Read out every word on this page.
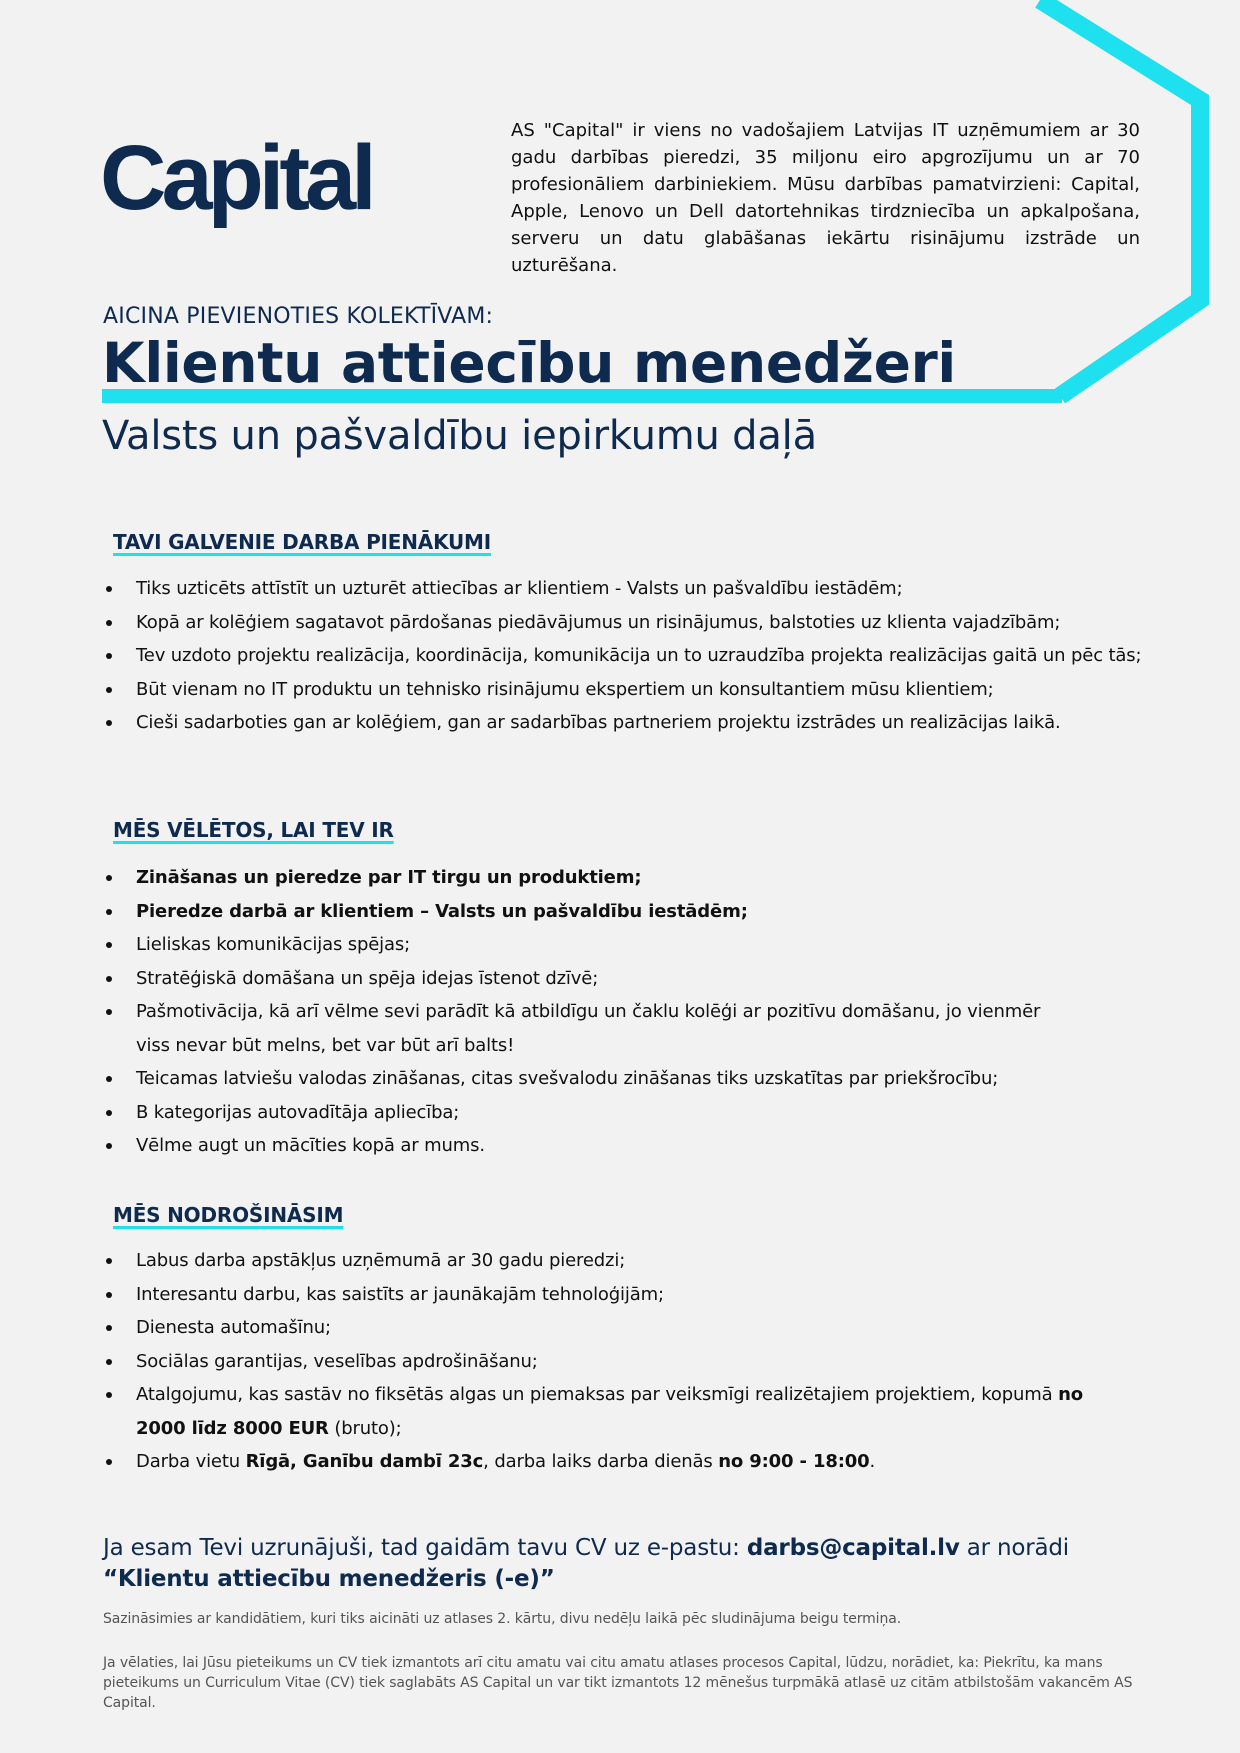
Capital	AS "Capital" ir viens no vadošajiem Latvijas IT uzņēmumiem ar 30 gadu darbības pieredzi, 35 miljonu eiro apgrozījumu un ar 70 profesionāliem darbiniekiem. Mūsu darbības pamatvirzieni: Capital, Apple, Lenovo un Dell datortehnikas tirdzniecība un apkalpošana, serveru un datu glabāšanas iekārtu risinājumu izstrāde un uzturēšana.
AICINA PIEVIENOTIES KOLEKTĪVAM:
Klientu attiecību menedžeri
Valsts un pašvaldību iepirkumu daļā
TAVI GALVENIE DARBA PIENĀKUMI
Tiks uzticēts attīstīt un uzturēt attiecības ar klientiem - Valsts un pašvaldību iestādēm;
Kopā ar kolēģiem sagatavot pārdošanas piedāvājumus un risinājumus, balstoties uz klienta vajadzībām;
Tev uzdoto projektu realizācija, koordinācija, komunikācija un to uzraudzība projekta realizācijas gaitā un pēc tās;
Būt vienam no IT produktu un tehnisko risinājumu ekspertiem un konsultantiem mūsu klientiem;
Cieši sadarboties gan ar kolēģiem, gan ar sadarbības partneriem projektu izstrādes un realizācijas laikā.
MĒS VĒLĒTOS, LAI TEV IR
Zināšanas un pieredze par IT tirgu un produktiem;
Pieredze darbā ar klientiem – Valsts un pašvaldību iestādēm;
Lieliskas komunikācijas spējas;
Stratēģiskā domāšana un spēja idejas īstenot dzīvē;
Pašmotivācija, kā arī vēlme sevi parādīt kā atbildīgu un čaklu kolēģi ar pozitīvu domāšanu, jo vienmēr viss nevar būt melns, bet var būt arī balts!
Teicamas latviešu valodas zināšanas, citas svešvalodu zināšanas tiks uzskatītas par priekšrocību;
B kategorijas autovadītāja apliecība;
Vēlme augt un mācīties kopā ar mums.
MĒS NODROŠINĀSIM
Labus darba apstākļus uzņēmumā ar 30 gadu pieredzi;
Interesantu darbu, kas saistīts ar jaunākajām tehnoloģijām;
Dienesta automašīnu;
Sociālas garantijas, veselības apdrošināšanu;
Atalgojumu, kas sastāv no fiksētās algas un piemaksas par veiksmīgi realizētajiem projektiem, kopumā no 2000 līdz 8000 EUR (bruto);
Darba vietu Rīgā, Ganību dambī 23c, darba laiks darba dienās no 9:00 - 18:00.
Ja esam Tevi uzrunājuši, tad gaidām tavu CV uz e-pastu: darbs@capital.lv ar norādi
“Klientu attiecību menedžeris (-e)”
Sazināsimies ar kandidātiem, kuri tiks aicināti uz atlases 2. kārtu, divu nedēļu laikā pēc sludinājuma beigu termiņa.
Ja vēlaties, lai Jūsu pieteikums un CV tiek izmantots arī citu amatu vai citu amatu atlases procesos Capital, lūdzu, norādiet, ka: Piekrītu, ka mans pieteikums un Curriculum Vitae (CV) tiek saglabāts AS Capital un var tikt izmantots 12 mēnešus turpmākā atlasē uz citām atbilstošām vakancēm AS Capital.
